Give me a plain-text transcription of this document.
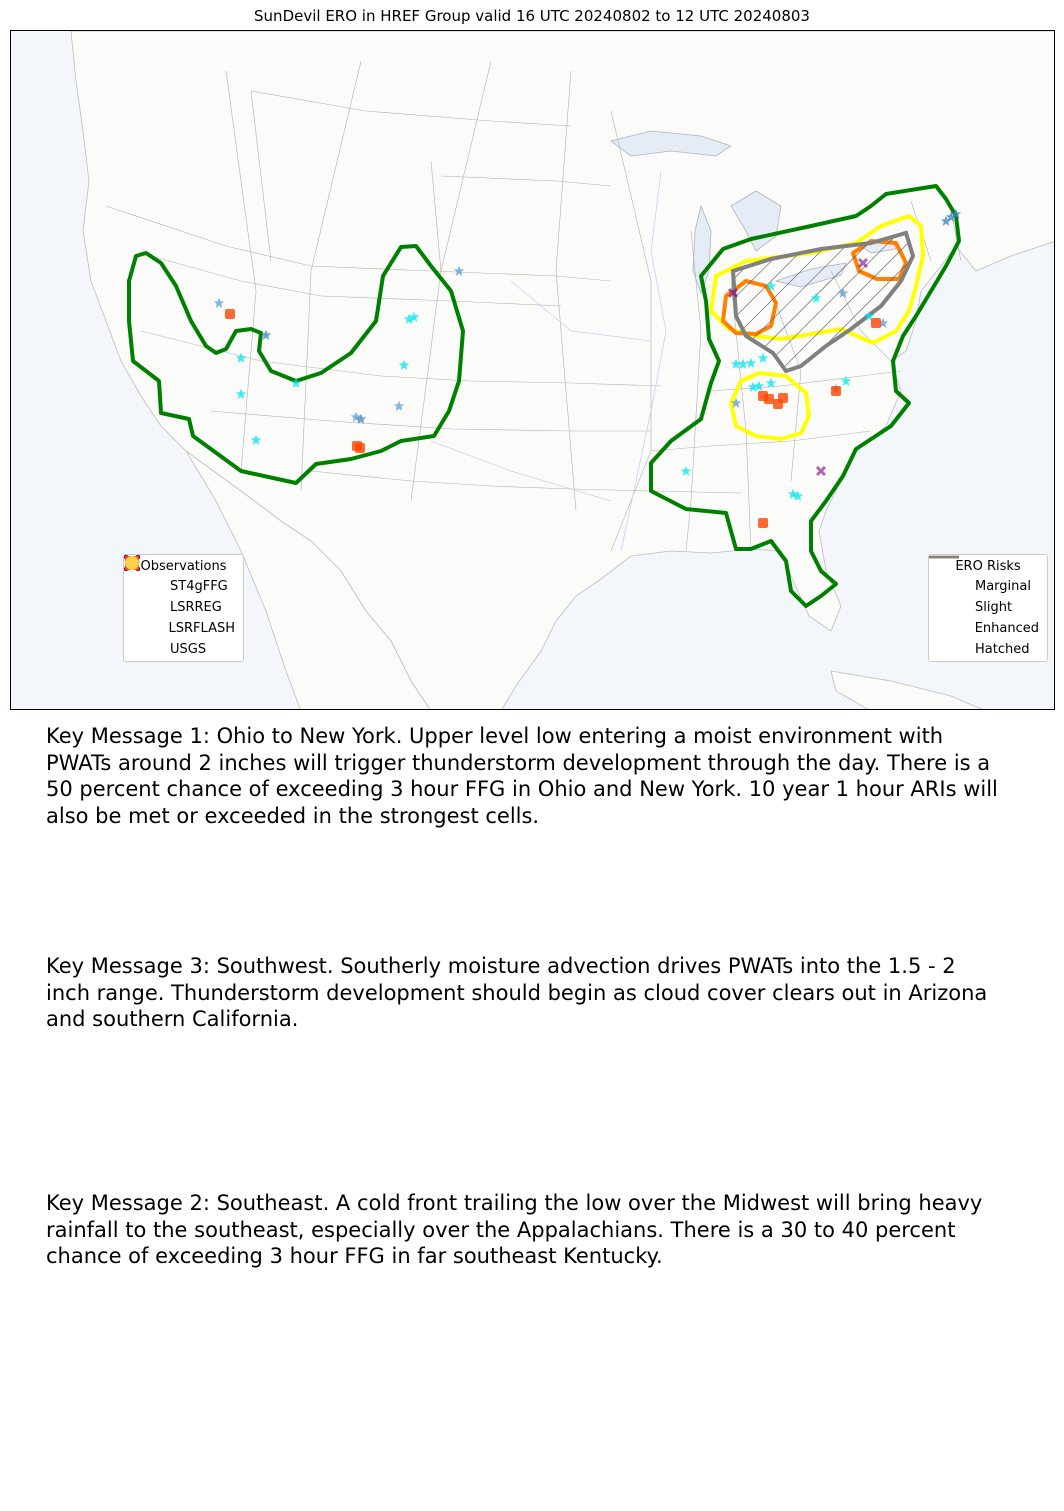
SunDevil ERO in HREF Group valid 16 UTC 20240802 to 12 UTC 20240803
Observations
ST4gFFG
LSRREG
LSRFLASH
USGS
ERO Risks
Marginal
Slight
Enhanced
Hatched
Key Message 1: Ohio to New York. Upper level low entering a moist environment with PWATs around 2 inches will trigger thunderstorm development through the day. There is a 50 percent chance of exceeding 3 hour FFG in Ohio and New York. 10 year 1 hour ARIs will also be met or exceeded in the strongest cells.
Key Message 3: Southwest. Southerly moisture advection drives PWATs into the 1.5 - 2 inch range. Thunderstorm development should begin as cloud cover clears out in Arizona and southern California.
Key Message 2: Southeast. A cold front trailing the low over the Midwest will bring heavy rainfall to the southeast, especially over the Appalachians. There is a 30 to 40 percent chance of exceeding 3 hour FFG in far southeast Kentucky.
